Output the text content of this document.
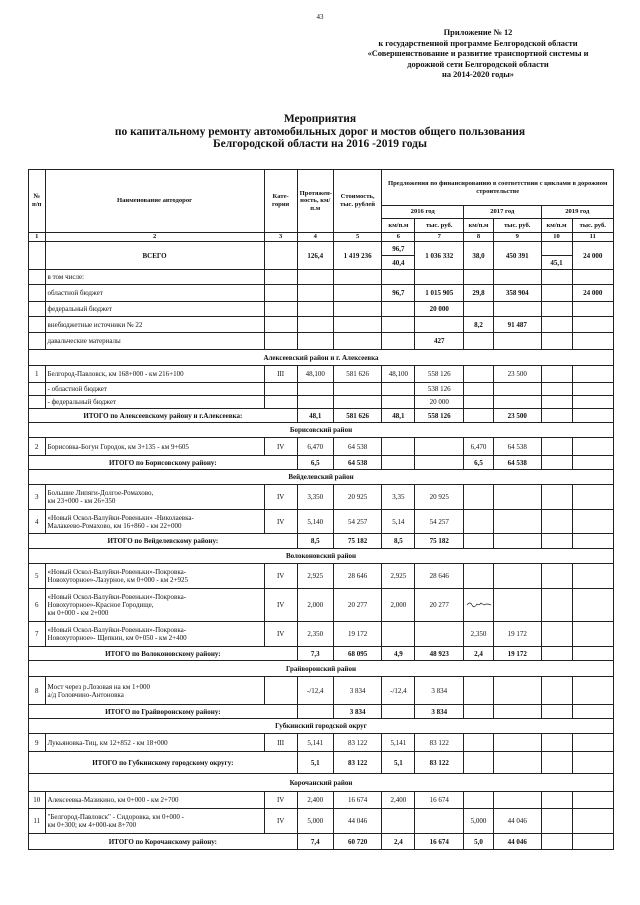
43
Приложение № 12
к государственной программе Белгородской области
«Совершенствование и развитие транспортной системы и
дорожной сети Белгородской области
на 2014-2020 годы»
Мероприятия
по капитальному ремонту автомобильных дорог и мостов общего пользования
Белгородской области на 2016 -2019 годы
№ п/п	Наименование автодорог	Кате-гория	Протяжен-ность, км/п.м	Стоимость, тыс. рублей	Предложения по финансированию в соответствии с циклами в дорожном строительстве					
					2016 год		2017 год		2019 год	
					км/п.м	тыс. руб.	км/п.м	тыс. руб.	км/п.м	тыс. руб.
1	2	3	4	5	6	7	8	9	10	11
	ВСЕГО		126,4	1 419 236	96,7	1 036 332	38,0	450 391		24 000
					40,4				45,1	
	в том числе:									
	областной бюджет				96,7	1 015 905	29,8	358 904		24 000
	федеральный бюджет					20 000				
	внебюджетные источники № 22						8,2	91 487		
	давальческие материалы					427				
Алексеевский район и г. Алексеевка										
1	Белгород-Павловск, км 168+000 - км 216+100	III	48,100	581 626	48,100	558 126		23 500		
	- областной бюджет					538 126				
	- федеральный бюджет					20 000				
ИТОГО по Алексеевскому району и г.Алексеевка:			48,1	581 626	48,1	558 126		23 500		
Борисовский район										
2	Борисовка-Богун Городок, км 3+135 - км 9+605	IV	6,470	64 538			6,470	64 538		
ИТОГО по Борисовскому району:			6,5	64 538			6,5	64 538		
Вейделевский район										
3	Большие Липяги-Долгое-Ромахово,
км 23+000 - км 26+350	IV	3,350	20 925	3,35	20 925				
4	«Новый Оскол-Валуйки-Ровеньки» -Николаевка-
Малакеево-Ромахово, км 16+860 - км 22+000	IV	5,140	54 257	5,14	54 257				
ИТОГО по Вейделевскому району:			8,5	75 182	8,5	75 182				
Волоконовский район										
5	«Новый Оскол-Валуйки-Ровеньки»-Покровка-
Новохуторное»-Лазурное, км 0+000 - км 2+925	IV	2,925	28 646	2,925	28 646				
6	«Новый Оскол-Валуйки-Ровеньки»-Покровка-
Новохуторное»-Красное Городище,
км 0+000 - км 2+000	IV	2,000	20 277	2,000	20 277				
7	«Новый Оскол-Валуйки-Ровеньки»-Покровка-
Новохуторное»- Щепкин, км 0+050 - км 2+400	IV	2,350	19 172			2,350	19 172		
ИТОГО по Волоконовскому району:			7,3	68 095	4,9	48 923	2,4	19 172		
Грайворонский район										
8	Мост через р.Лозовая на км 1+000
а/д Головчино-Антоновка		-/12,4	3 834	-/12,4	3 834				
ИТОГО по Грайворонскому району:				3 834		3 834				
Губкинский городской округ										
9	Лукьяновка-Тиц, км 12+852 - км 18+000	III	5,141	83 122	5,141	83 122				
ИТОГО по Губкинскому городскому округу:			5,1	83 122	5,1	83 122				
Корочанский район										
10	Алексеевка-Мазикино, км 0+000 - км 2+700	IV	2,400	16 674	2,400	16 674				
11	"Белгород-Павловск" - Сидоровка, км 0+000 -
км 0+300; км 4+000-км 8+700	IV	5,000	44 046			5,000	44 046		
ИТОГО по Корочанскому району:			7,4	60 720	2,4	16 674	5,0	44 046		
